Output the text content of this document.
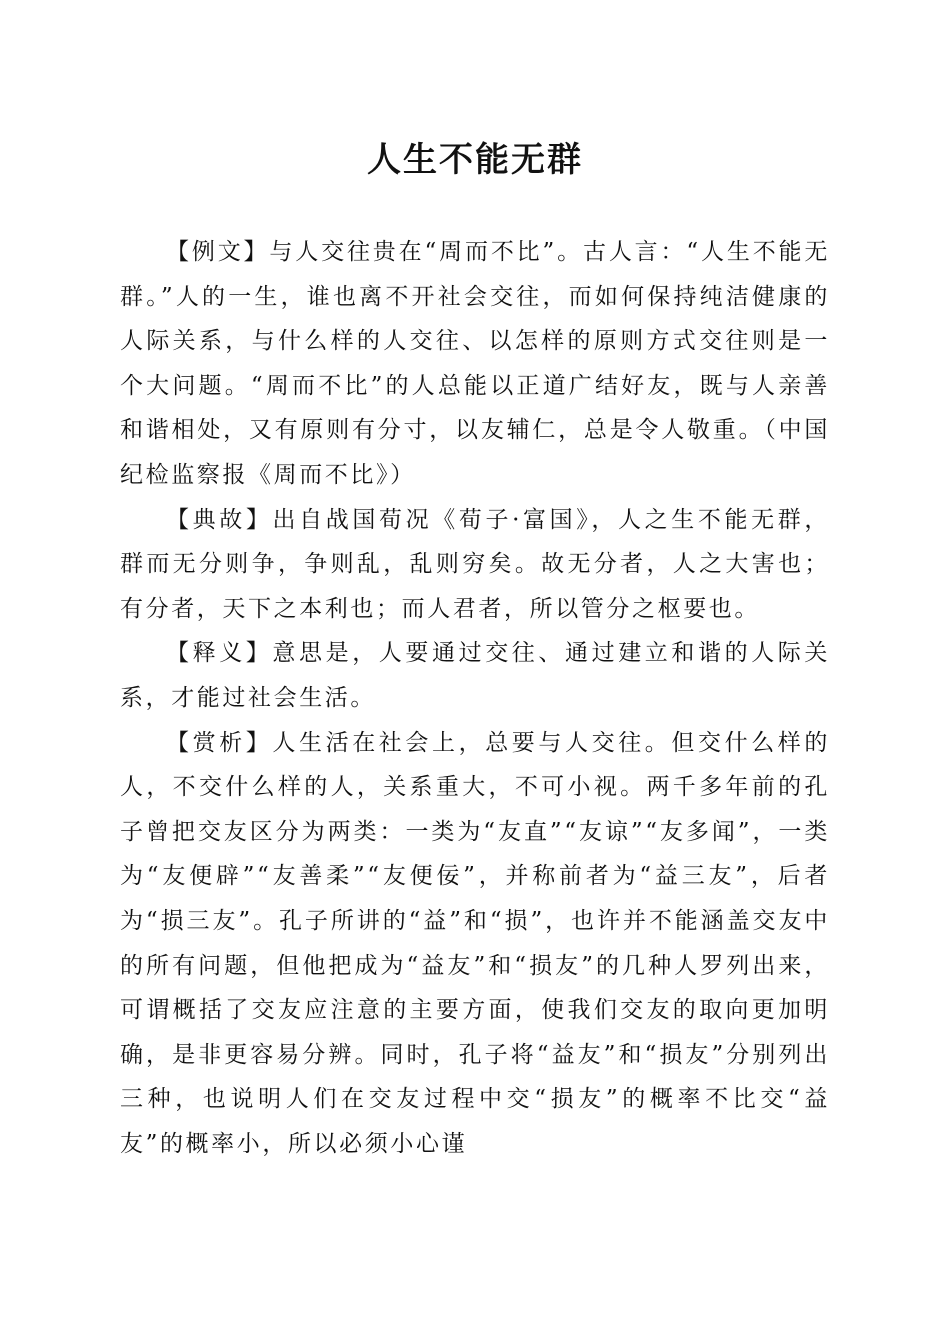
人生不能无群

【例文】与人交往贵在“周而不比”。古人言：“人生不能无群。”人的一生，谁也离不开社会交往，而如何保持纯洁健康的人际关系，与什么样的人交往、以怎样的原则方式交往则是一个大问题。“周而不比”的人总能以正道广结好友，既与人亲善和谐相处，又有原则有分寸，以友辅仁，总是令人敬重。（中国纪检监察报《周而不比》）

【典故】出自战国荀况《荀子·富国》，人之生不能无群，群而无分则争，争则乱，乱则穷矣。故无分者，人之大害也；有分者，天下之本利也；而人君者，所以管分之枢要也。

【释义】意思是，人要通过交往、通过建立和谐的人际关系，才能过社会生活。

【赏析】人生活在社会上，总要与人交往。但交什么样的人，不交什么样的人，关系重大，不可小视。两千多年前的孔子曾把交友区分为两类：一类为“友直”“友谅”“友多闻”，一类为“友便辟”“友善柔”“友便佞”，并称前者为“益三友”，后者为“损三友”。孔子所讲的“益”和“损”，也许并不能涵盖交友中的所有问题，但他把成为“益友”和“损友”的几种人罗列出来，可谓概括了交友应注意的主要方面，使我们交友的取向更加明确，是非更容易分辨。同时，孔子将“益友”和“损友”分别列出三种，也说明人们在交友过程中交“损友”的概率不比交“益友”的概率小，所以必须小心谨
